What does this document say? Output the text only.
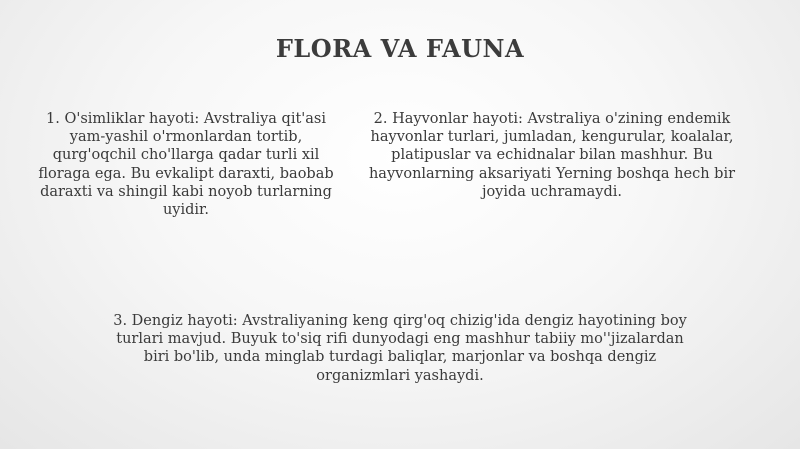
FLORA VA FAUNA
1. O'simliklar hayoti: Avstraliya qit'asi yam-yashil o'rmonlardan tortib, qurg'oqchil cho'llarga qadar turli xil floraga ega. Bu evkalipt daraxti, baobab daraxti va shingil kabi noyob turlarning uyidir.
2. Hayvonlar hayoti: Avstraliya o'zining endemik hayvonlar turlari, jumladan, kengurular, koalalar, platipuslar va echidnalar bilan mashhur. Bu hayvonlarning aksariyati Yerning boshqa hech bir joyida uchramaydi.
3. Dengiz hayoti: Avstraliyaning keng qirg'oq chizig'ida dengiz hayotining boy turlari mavjud. Buyuk to'siq rifi dunyodagi eng mashhur tabiiy mo''jizalardan biri bo'lib, unda minglab turdagi baliqlar, marjonlar va boshqa dengiz organizmlari yashaydi.
